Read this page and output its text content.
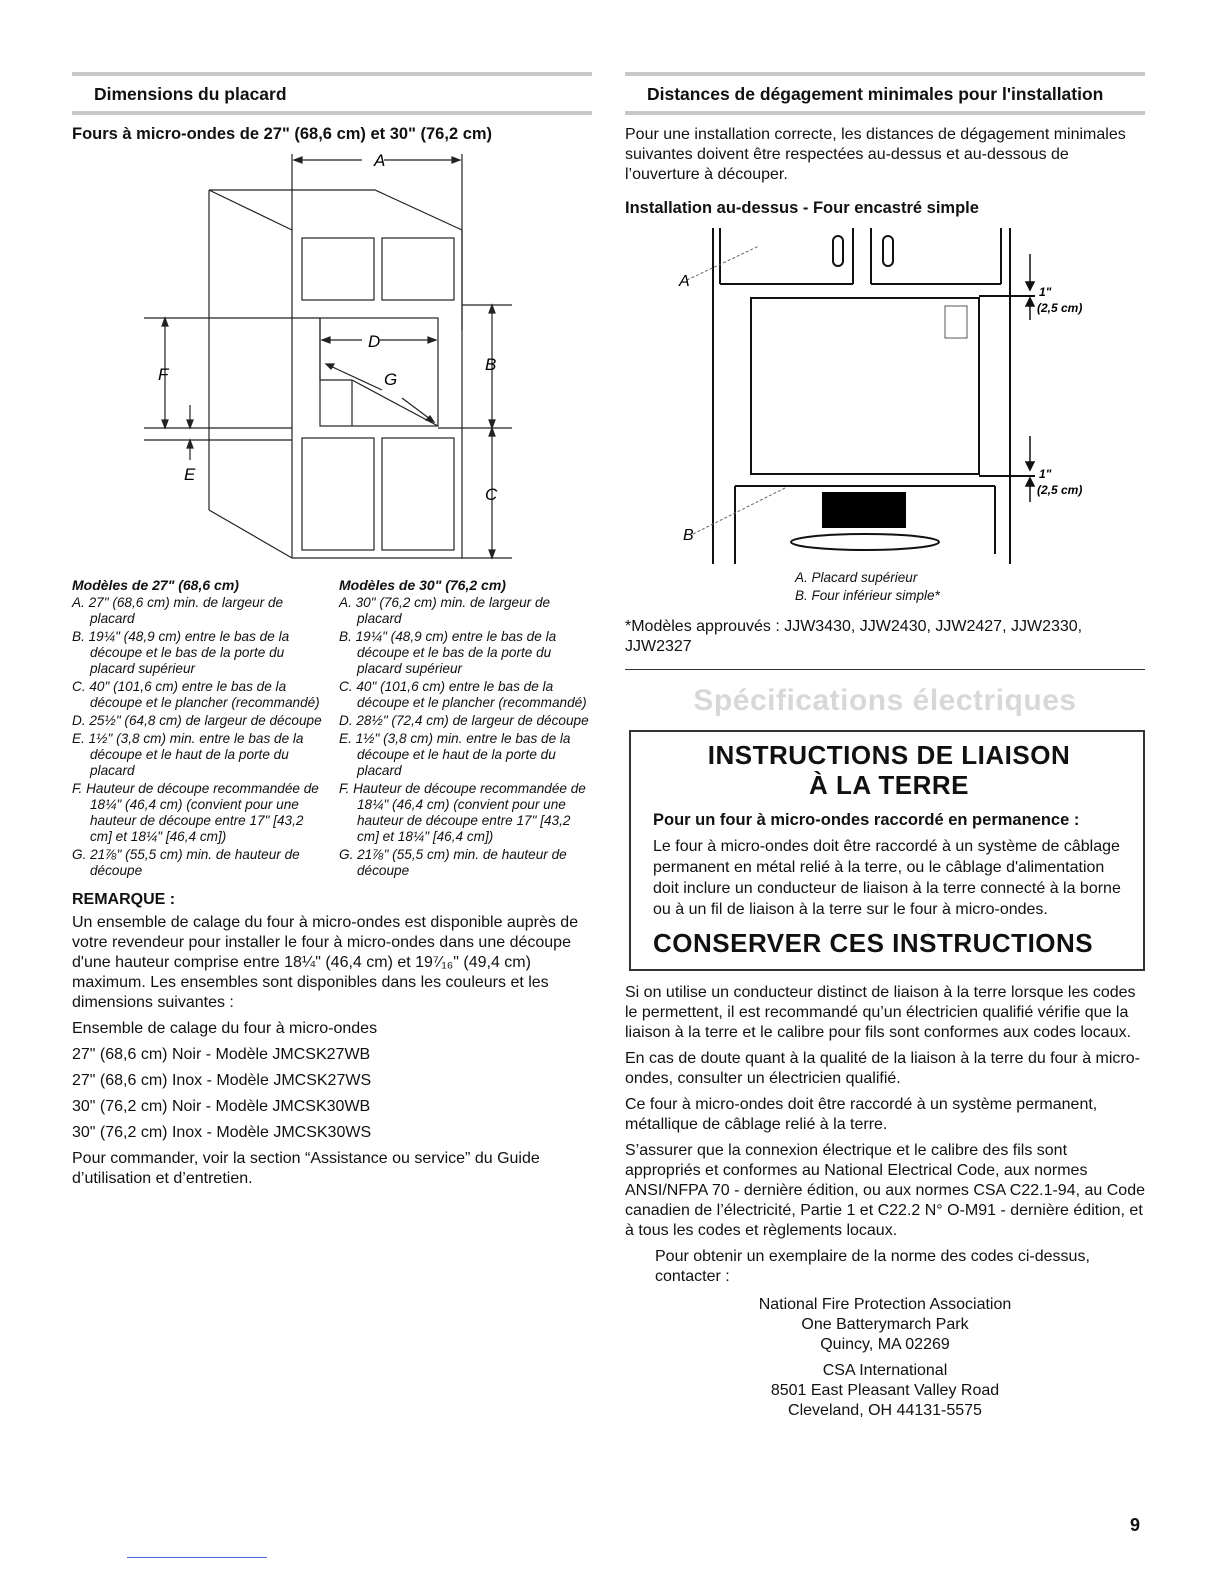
Dimensions du placard
Fours à micro-ondes de 27" (68,6 cm) et 30" (76,2 cm)
A
D
G
F
E
B
C
Modèles de 27" (68,6 cm)
A. 27" (68,6 cm) min. de largeur de placard
B. 19¼" (48,9 cm) entre le bas de la découpe et le bas de la porte du placard supérieur
C. 40" (101,6 cm) entre le bas de la découpe et le plancher (recommandé)
D. 25½" (64,8 cm) de largeur de découpe
E. 1½" (3,8 cm) min. entre le bas de la découpe et le haut de la porte du placard
F. Hauteur de découpe recommandée de 18¼" (46,4 cm) (convient pour une hauteur de découpe entre 17" [43,2 cm] et 18¼" [46,4 cm])
G. 21⅞" (55,5 cm) min. de hauteur de découpe
Modèles de 30" (76,2 cm)
A. 30" (76,2 cm) min. de largeur de placard
B. 19¼" (48,9 cm) entre le bas de la découpe et le bas de la porte du placard supérieur
C. 40" (101,6 cm) entre le bas de la découpe et le plancher (recommandé)
D. 28½" (72,4 cm) de largeur de découpe
E. 1½" (3,8 cm) min. entre le bas de la découpe et le haut de la porte du placard
F. Hauteur de découpe recommandée de 18¼" (46,4 cm) (convient pour une hauteur de découpe entre 17" [43,2 cm] et 18¼" [46,4 cm])
G. 21⅞" (55,5 cm) min. de hauteur de découpe
REMARQUE :
Un ensemble de calage du four à micro-ondes est disponible auprès de votre revendeur pour installer le four à micro-ondes dans une découpe d'une hauteur comprise entre 18¼" (46,4 cm) et 19⁷⁄₁₆" (49,4 cm) maximum. Les ensembles sont disponibles dans les couleurs et les dimensions suivantes :
Ensemble de calage du four à micro-ondes
27" (68,6 cm) Noir - Modèle JMCSK27WB
27" (68,6 cm) Inox - Modèle JMCSK27WS
30" (76,2 cm) Noir - Modèle JMCSK30WB
30" (76,2 cm) Inox - Modèle JMCSK30WS
Pour commander, voir la section “Assistance ou service” du Guide d’utilisation et d’entretien.
Distances de dégagement minimales pour l'installation
Pour une installation correcte, les distances de dégagement minimales suivantes doivent être respectées au-dessus et au-dessous de l’ouverture à découper.
Installation au-dessus - Four encastré simple
A
B
1"
(2,5 cm)
1"
(2,5 cm)
A. Placard supérieur
B. Four inférieur simple*
*Modèles approuvés : JJW3430, JJW2430, JJW2427, JJW2330, JJW2327
Spécifications électriques
INSTRUCTIONS DE LIAISON
À LA TERRE
Pour un four à micro-ondes raccordé en permanence :
Le four à micro-ondes doit être raccordé à un système de câblage permanent en métal relié à la terre, ou le câblage d'alimentation doit inclure un conducteur de liaison à la terre connecté à la borne ou à un fil de liaison à la terre sur le four à micro-ondes.
CONSERVER CES INSTRUCTIONS
Si on utilise un conducteur distinct de liaison à la terre lorsque les codes le permettent, il est recommandé qu’un électricien qualifié vérifie que la liaison à la terre et le calibre pour fils sont conformes aux codes locaux.
En cas de doute quant à la qualité de la liaison à la terre du four à micro-ondes, consulter un électricien qualifié.
Ce four à micro-ondes doit être raccordé à un système permanent, métallique de câblage relié à la terre.
S’assurer que la connexion électrique et le calibre des fils sont appropriés et conformes au National Electrical Code, aux normes ANSI/NFPA 70 - dernière édition, ou aux normes CSA C22.1-94, au Code canadien de l’électricité, Partie 1 et C22.2 N° O-M91 - dernière édition, et à tous les codes et règlements locaux.
Pour obtenir un exemplaire de la norme des codes ci-dessus, contacter :
National Fire Protection Association
One Batterymarch Park
Quincy, MA 02269
CSA International
8501 East Pleasant Valley Road
Cleveland, OH 44131-5575
9
